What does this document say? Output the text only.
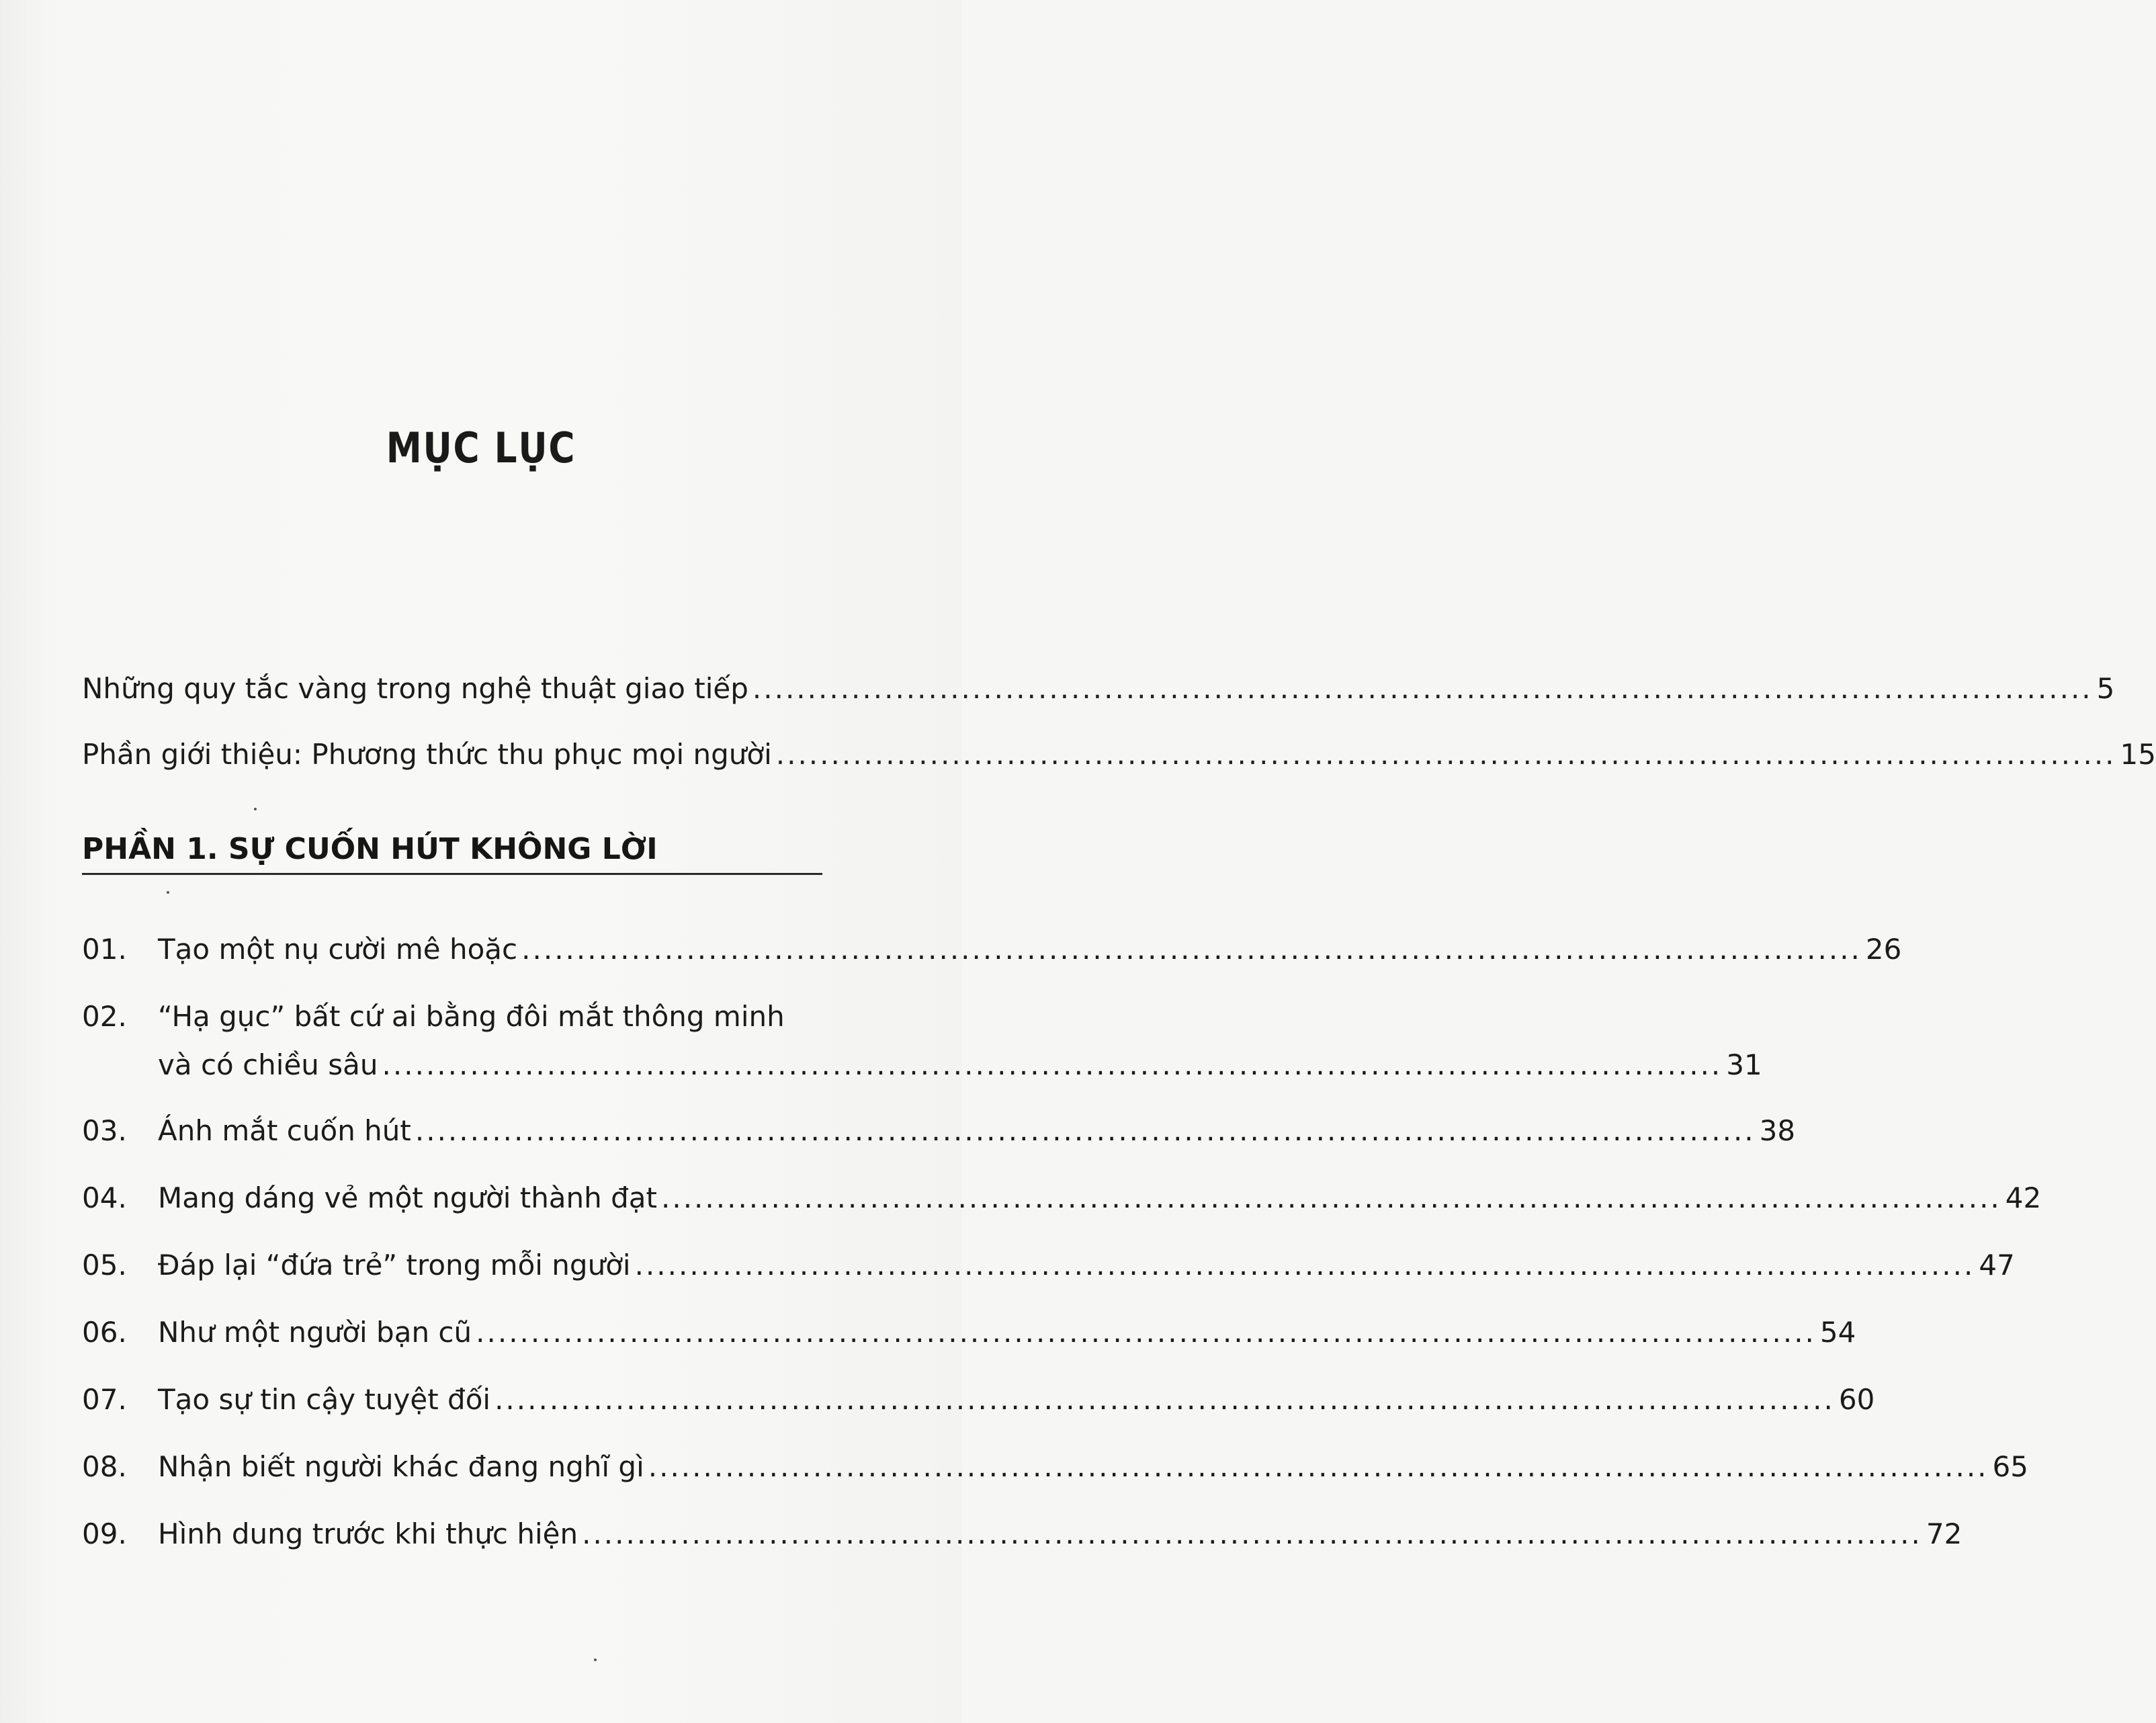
MỤC LỤC
Những quy tắc vàng trong nghệ thuật giao tiếp .......................................................................................................................... 5
Phần giới thiệu: Phương thức thu phục mọi người .......................................................................................................................... 15
PHẦN 1. SỰ CUỐN HÚT KHÔNG LỜI
01. Tạo một nụ cười mê hoặc .......................................................................................................................... 26
02. “Hạ gục” bất cứ ai bằng đôi mắt thông minh
và có chiều sâu .......................................................................................................................... 31
03. Ánh mắt cuốn hút .......................................................................................................................... 38
04. Mang dáng vẻ một người thành đạt .......................................................................................................................... 42
05. Đáp lại “đứa trẻ” trong mỗi người .......................................................................................................................... 47
06. Như một người bạn cũ .......................................................................................................................... 54
07. Tạo sự tin cậy tuyệt đối .......................................................................................................................... 60
08. Nhận biết người khác đang nghĩ gì .......................................................................................................................... 65
09. Hình dung trước khi thực hiện .......................................................................................................................... 72
